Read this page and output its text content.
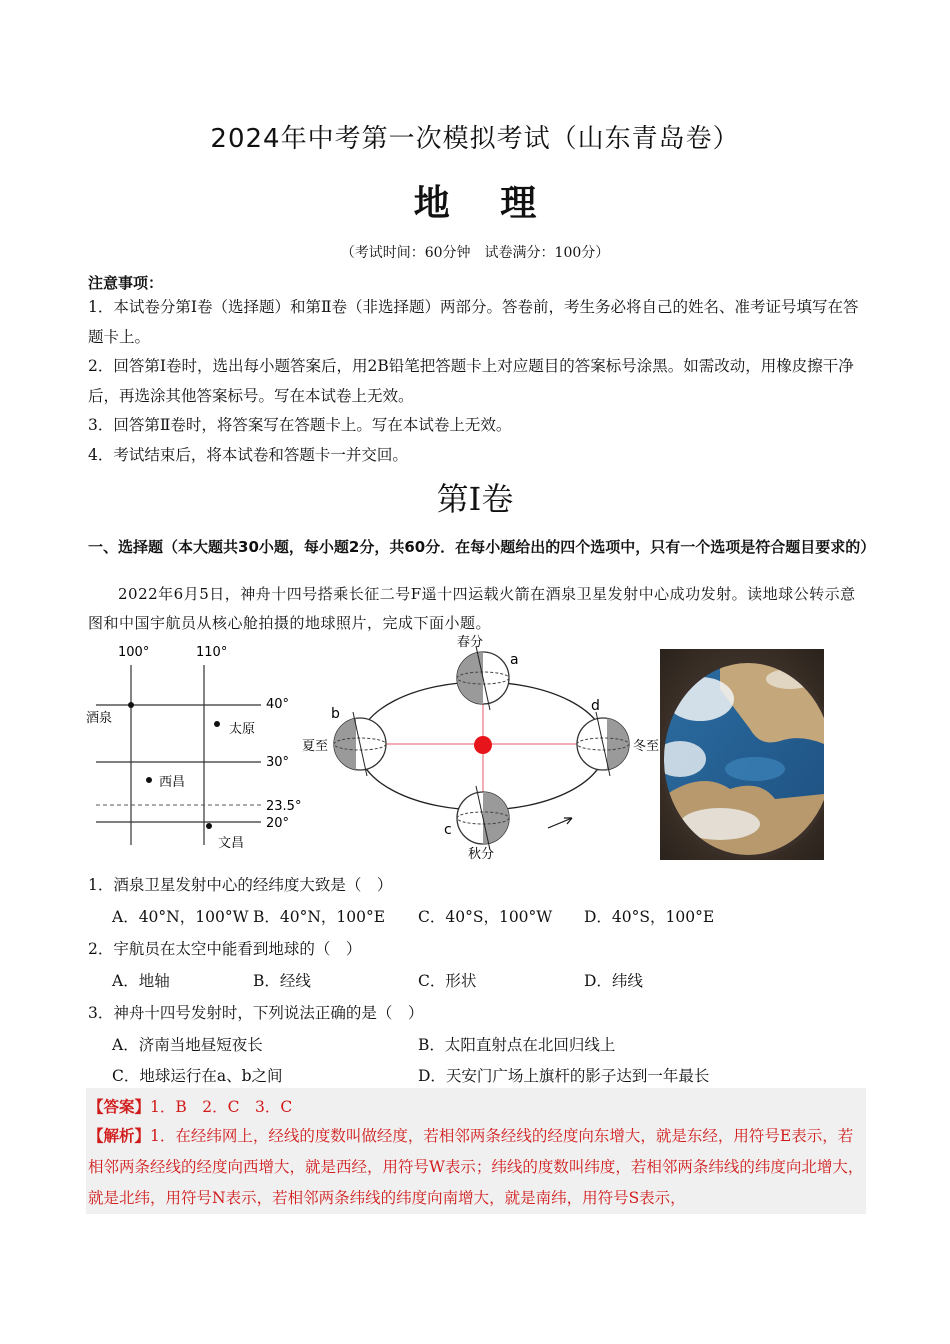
2024年中考第一次模拟考试（山东青岛卷）
地 理
（考试时间：60分钟　试卷满分：100分）
注意事项：
1．本试卷分第Ⅰ卷（选择题）和第Ⅱ卷（非选择题）两部分。答卷前，考生务必将自己的姓名、准考证号填写在答题卡上。
2．回答第Ⅰ卷时，选出每小题答案后，用2B铅笔把答题卡上对应题目的答案标号涂黑。如需改动，用橡皮擦干净后，再选涂其他答案标号。写在本试卷上无效。
3．回答第Ⅱ卷时，将答案写在答题卡上。写在本试卷上无效。
4．考试结束后，将本试卷和答题卡一并交回。
第Ⅰ卷
一、选择题（本大题共30小题，每小题2分，共60分．在每小题给出的四个选项中，只有一个选项是符合题目要求的）
2022年6月5日，神舟十四号搭乘长征二号F遥十四运载火箭在酒泉卫星发射中心成功发射。读地球公转示意图和中国宇航员从核心舱拍摄的地球照片，完成下面小题。
100°	110°
40°
30°
23.5°
20°
酒泉
太原
西昌
文昌
春分
夏至
秋分
冬至
a
b
c
d
1．酒泉卫星发射中心的经纬度大致是（　）
A．40°N，100°W B．40°N，100°E C．40°S，100°W D．40°S，100°E
2．宇航员在太空中能看到地球的（　）
A．地轴	B．经线	C．形状	D．纬线
3．神舟十四号发射时，下列说法正确的是（　）
A．济南当地昼短夜长	B．太阳直射点在北回归线上
C．地球运行在a、b之间	D．天安门广场上旗杆的影子达到一年最长
【答案】1．B　2．C　3．C
【解析】1．在经纬网上，经线的度数叫做经度，若相邻两条经线的经度向东增大，就是东经，用符号E表示，若相邻两条经线的经度向西增大，就是西经，用符号W表示；纬线的度数叫纬度，若相邻两条纬线的纬度向北增大，就是北纬，用符号N表示，若相邻两条纬线的纬度向南增大，就是南纬，用符号S表示，
